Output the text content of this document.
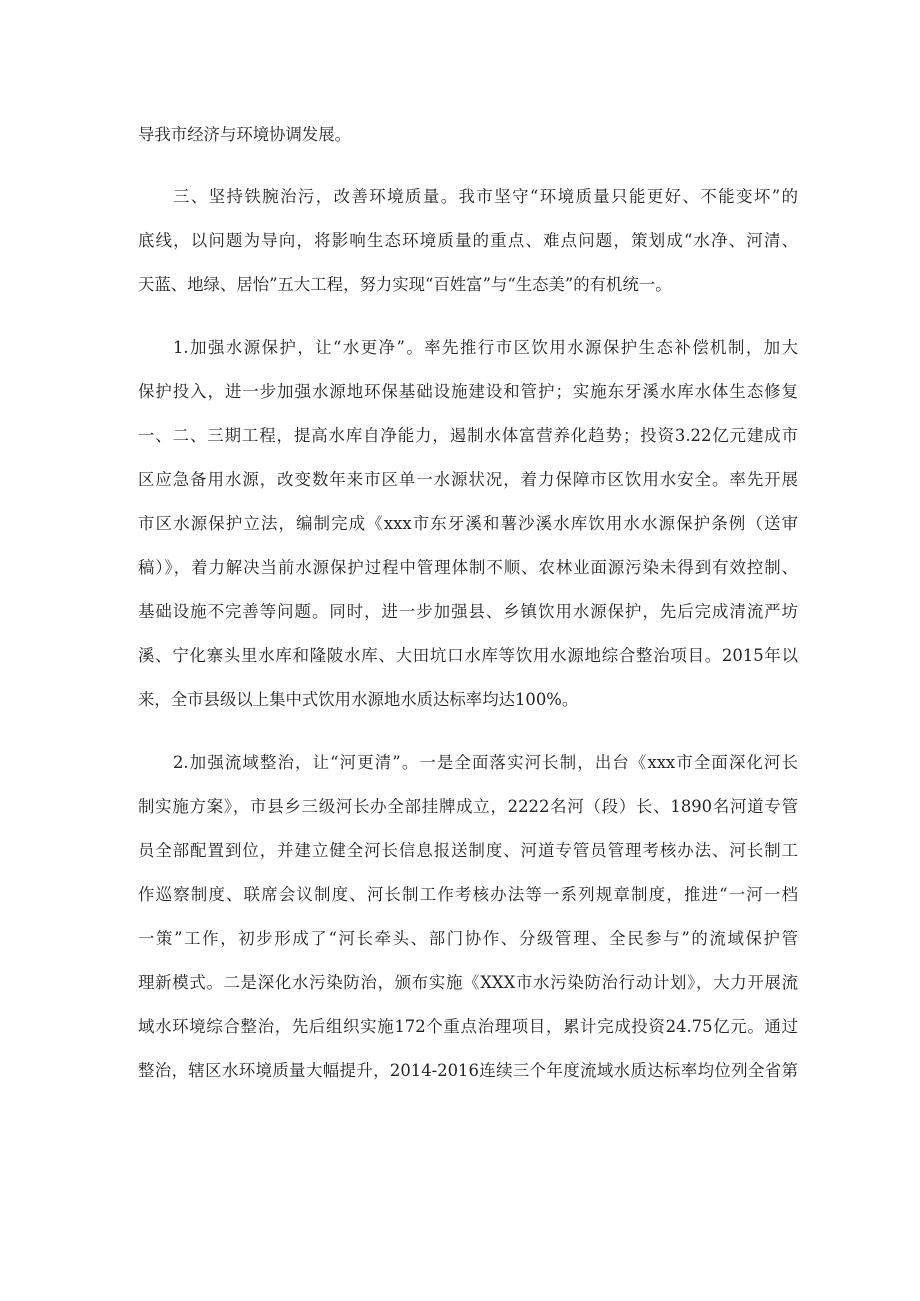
导我市经济与环境协调发展。
三、坚持铁腕治污，改善环境质量。我市坚守“环境质量只能更好、不能变坏”的
底线，以问题为导向，将影响生态环境质量的重点、难点问题，策划成“水净、河清、
天蓝、地绿、居怡”五大工程，努力实现“百姓富”与“生态美”的有机统一。
1.加强水源保护，让“水更净”。率先推行市区饮用水源保护生态补偿机制，加大
保护投入，进一步加强水源地环保基础设施建设和管护；实施东牙溪水库水体生态修复
一、二、三期工程，提高水库自净能力，遏制水体富营养化趋势；投资3.22亿元建成市
区应急备用水源，改变数年来市区单一水源状况，着力保障市区饮用水安全。率先开展
市区水源保护立法，编制完成《xxx市东牙溪和薯沙溪水库饮用水水源保护条例（送审
稿）》，着力解决当前水源保护过程中管理体制不顺、农林业面源污染未得到有效控制、
基础设施不完善等问题。同时，进一步加强县、乡镇饮用水源保护，先后完成清流严坊
溪、宁化寨头里水库和隆陂水库、大田坑口水库等饮用水源地综合整治项目。2015年以
来，全市县级以上集中式饮用水源地水质达标率均达100%。
2.加强流域整治，让“河更清”。一是全面落实河长制，出台《xxx市全面深化河长
制实施方案》，市县乡三级河长办全部挂牌成立，2222名河（段）长、1890名河道专管
员全部配置到位，并建立健全河长信息报送制度、河道专管员管理考核办法、河长制工
作巡察制度、联席会议制度、河长制工作考核办法等一系列规章制度，推进“一河一档
一策”工作，初步形成了“河长牵头、部门协作、分级管理、全民参与”的流域保护管
理新模式。二是深化水污染防治，颁布实施《XXX市水污染防治行动计划》，大力开展流
域水环境综合整治，先后组织实施172个重点治理项目，累计完成投资24.75亿元。通过
整治，辖区水环境质量大幅提升，2014-2016连续三个年度流域水质达标率均位列全省第
